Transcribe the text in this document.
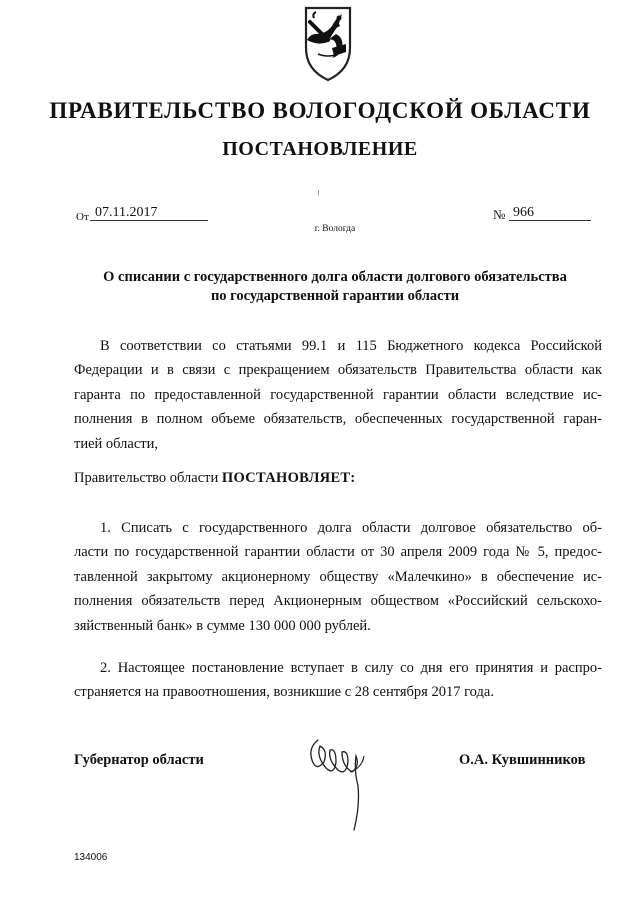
ПРАВИТЕЛЬСТВО ВОЛОГОДСКОЙ ОБЛАСТИ
ПОСТАНОВЛЕНИЕ
От 07.11.2017	№ 966
г. Вологда
О списании с государственного долга области долгового обязательства
по государственной гарантии области
В соответствии со статьями 99.1 и 115 Бюджетного кодекса Российской
Федерации и в связи с прекращением обязательств Правительства области как
гаранта по предоставленной государственной гарантии области вследствие ис-
полнения в полном объеме обязательств, обеспеченных государственной гаран-
тией области,
Правительство области ПОСТАНОВЛЯЕТ:
1. Списать с государственного долга области долговое обязательство об-
ласти по государственной гарантии области от 30 апреля 2009 года № 5, предос-
тавленной закрытому акционерному обществу «Малечкино» в обеспечение ис-
полнения обязательств перед Акционерным обществом «Российский сельскохо-
зяйственный банк» в сумме 130 000 000 рублей.
2. Настоящее постановление вступает в силу со дня его принятия и распро-
страняется на правоотношения, возникшие с 28 сентября 2017 года.
Губернатор области	О.А. Кувшинников
134006
